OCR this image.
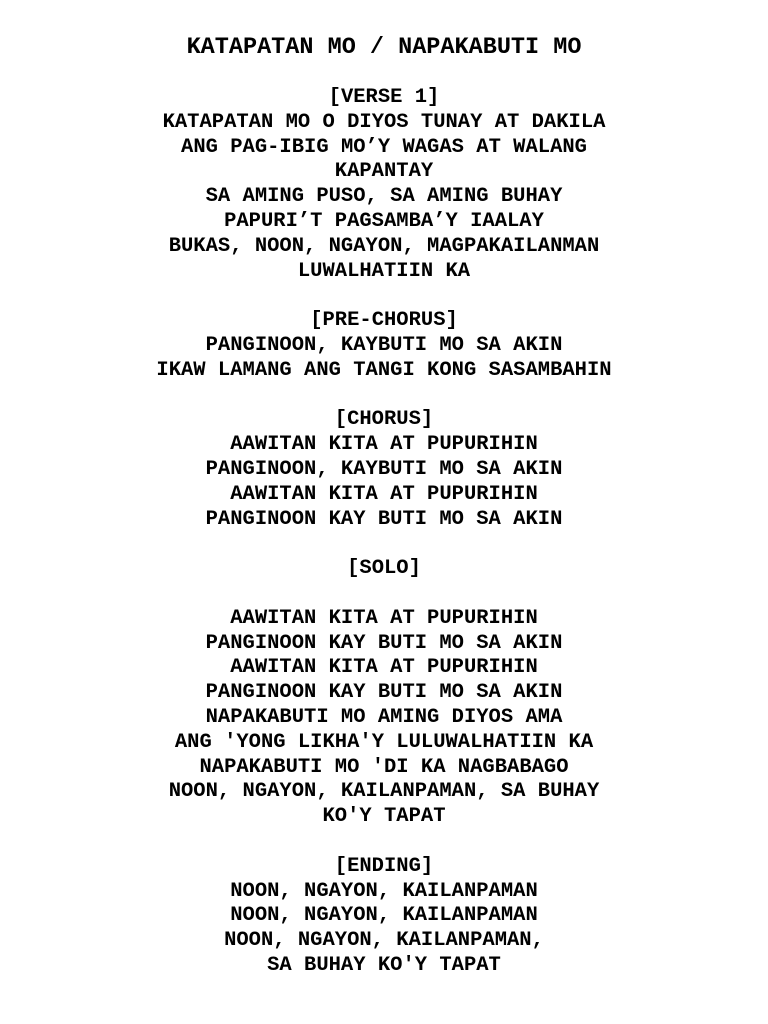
KATAPATAN MO / NAPAKABUTI MO
[VERSE 1]
KATAPATAN MO O DIYOS TUNAY AT DAKILA
ANG PAG-IBIG MO’Y WAGAS AT WALANG
KAPANTAY
SA AMING PUSO, SA AMING BUHAY
PAPURI’T PAGSAMBA’Y IAALAY
BUKAS, NOON, NGAYON, MAGPAKAILANMAN
LUWALHATIIN KA
[PRE-CHORUS]
PANGINOON, KAYBUTI MO SA AKIN
IKAW LAMANG ANG TANGI KONG SASAMBAHIN
[CHORUS]
AAWITAN KITA AT PUPURIHIN
PANGINOON, KAYBUTI MO SA AKIN
AAWITAN KITA AT PUPURIHIN
PANGINOON KAY BUTI MO SA AKIN
[SOLO]
AAWITAN KITA AT PUPURIHIN
PANGINOON KAY BUTI MO SA AKIN
AAWITAN KITA AT PUPURIHIN
PANGINOON KAY BUTI MO SA AKIN
NAPAKABUTI MO AMING DIYOS AMA
ANG 'YONG LIKHA'Y LULUWALHATIIN KA
NAPAKABUTI MO 'DI KA NAGBABAGO
NOON, NGAYON, KAILANPAMAN, SA BUHAY
KO'Y TAPAT
[ENDING]
NOON, NGAYON, KAILANPAMAN
NOON, NGAYON, KAILANPAMAN
NOON, NGAYON, KAILANPAMAN,
SA BUHAY KO'Y TAPAT
